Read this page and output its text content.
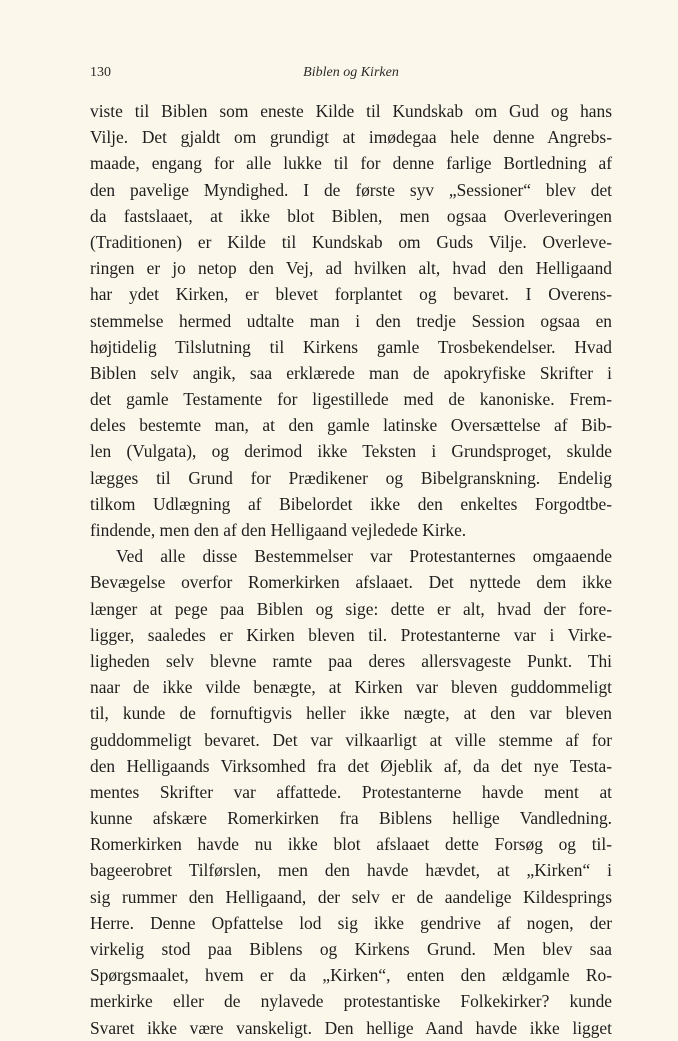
130	Biblen og Kirken
viste til Biblen som eneste Kilde til Kundskab om Gud og hans
Vilje. Det gjaldt om grundigt at imødegaa hele denne Angrebs-
maade, engang for alle lukke til for denne farlige Bortledning af
den pavelige Myndighed. I de første syv „Sessioner“ blev det
da fastslaaet, at ikke blot Biblen, men ogsaa Overleveringen
(Traditionen) er Kilde til Kundskab om Guds Vilje. Overleve-
ringen er jo netop den Vej, ad hvilken alt, hvad den Helligaand
har ydet Kirken, er blevet forplantet og bevaret. I Overens-
stemmelse hermed udtalte man i den tredje Session ogsaa en
højtidelig Tilslutning til Kirkens gamle Trosbekendelser. Hvad
Biblen selv angik, saa erklærede man de apokryfiske Skrifter i
det gamle Testamente for ligestillede med de kanoniske. Frem-
deles bestemte man, at den gamle latinske Oversættelse af Bib-
len (Vulgata), og derimod ikke Teksten i Grundsproget, skulde
lægges til Grund for Prædikener og Bibelgranskning. Endelig
tilkom Udlægning af Bibelordet ikke den enkeltes Forgodtbe-
findende, men den af den Helligaand vejledede Kirke.
Ved alle disse Bestemmelser var Protestanternes omgaaende
Bevægelse overfor Romerkirken afslaaet. Det nyttede dem ikke
længer at pege paa Biblen og sige: dette er alt, hvad der fore-
ligger, saaledes er Kirken bleven til. Protestanterne var i Virke-
ligheden selv blevne ramte paa deres allersvageste Punkt. Thi
naar de ikke vilde benægte, at Kirken var bleven guddommeligt
til, kunde de fornuftigvis heller ikke nægte, at den var bleven
guddommeligt bevaret. Det var vilkaarligt at ville stemme af for
den Helligaands Virksomhed fra det Øjeblik af, da det nye Testa-
mentes Skrifter var affattede. Protestanterne havde ment at
kunne afskære Romerkirken fra Biblens hellige Vandledning.
Romerkirken havde nu ikke blot afslaaet dette Forsøg og til-
bageerobret Tilførslen, men den havde hævdet, at „Kirken“ i
sig rummer den Helligaand, der selv er de aandelige Kildesprings
Herre. Denne Opfattelse lod sig ikke gendrive af nogen, der
virkelig stod paa Biblens og Kirkens Grund. Men blev saa
Spørgsmaalet, hvem er da „Kirken“, enten den ældgamle Ro-
merkirke eller de nylavede protestantiske Folkekirker? kunde
Svaret ikke være vanskeligt. Den hellige Aand havde ikke ligget
